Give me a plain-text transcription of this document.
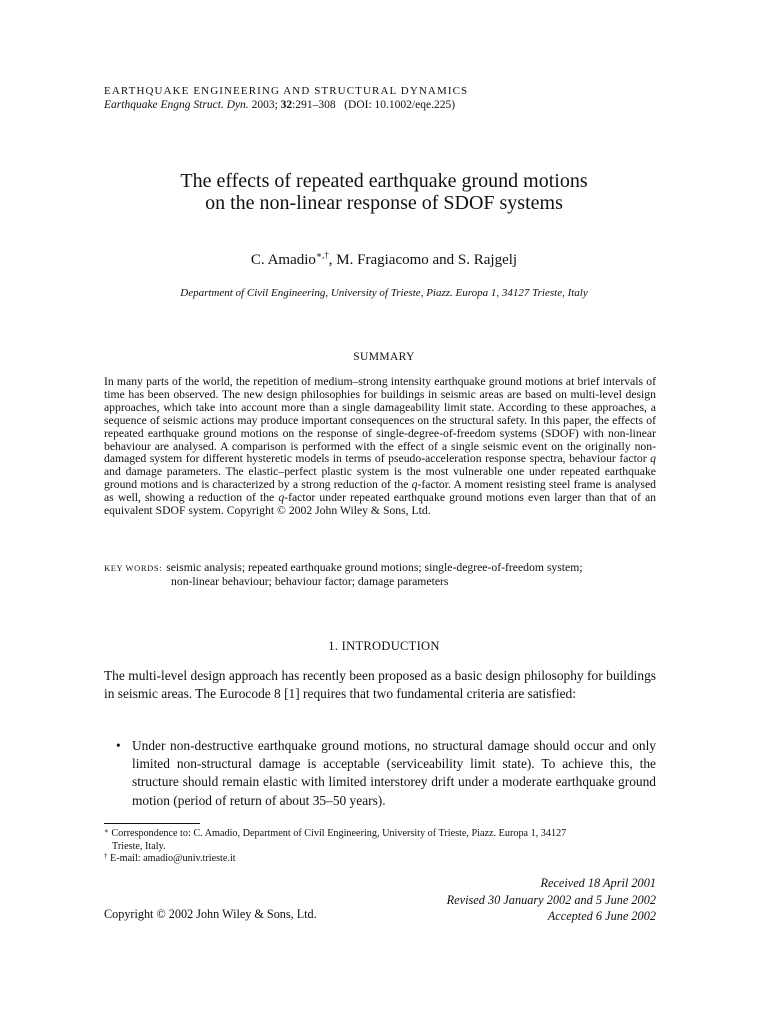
EARTHQUAKE ENGINEERING AND STRUCTURAL DYNAMICS
Earthquake Engng Struct. Dyn. 2003; 32:291–308 (DOI: 10.1002/eqe.225)
The effects of repeated earthquake ground motions
on the non-linear response of SDOF systems
C. Amadio∗,†, M. Fragiacomo and S. Rajgelj
Department of Civil Engineering, University of Trieste, Piazz. Europa 1, 34127 Trieste, Italy
SUMMARY
In many parts of the world, the repetition of medium–strong intensity earthquake ground motions at brief intervals of time has been observed. The new design philosophies for buildings in seismic areas are based on multi-level design approaches, which take into account more than a single damageability limit state. According to these approaches, a sequence of seismic actions may produce important consequences on the structural safety. In this paper, the effects of repeated earthquake ground motions on the response of single-degree-of-freedom systems (SDOF) with non-linear behaviour are analysed. A comparison is performed with the effect of a single seismic event on the originally non-damaged system for different hysteretic models in terms of pseudo-acceleration response spectra, behaviour factor q and damage parameters. The elastic–perfect plastic system is the most vulnerable one under repeated earthquake ground motions and is characterized by a strong reduction of the q-factor. A moment resisting steel frame is analysed as well, showing a reduction of the q-factor under repeated earthquake ground motions even larger than that of an equivalent SDOF system. Copyright © 2002 John Wiley & Sons, Ltd.
KEY WORDS: seismic analysis; repeated earthquake ground motions; single-degree-of-freedom system;
non-linear behaviour; behaviour factor; damage parameters
1. INTRODUCTION
The multi-level design approach has recently been proposed as a basic design philosophy for buildings in seismic areas. The Eurocode 8 [1] requires that two fundamental criteria are satisfied:
• Under non-destructive earthquake ground motions, no structural damage should occur and only limited non-structural damage is acceptable (serviceability limit state). To achieve this, the structure should remain elastic with limited interstorey drift under a moderate earthquake ground motion (period of return of about 35–50 years).
∗ Correspondence to: C. Amadio, Department of Civil Engineering, University of Trieste, Piazz. Europa 1, 34127
Trieste, Italy.
† E-mail: amadio@univ.trieste.it
Received 18 April 2001
Revised 30 January 2002 and 5 June 2002
Accepted 6 June 2002
Copyright © 2002 John Wiley & Sons, Ltd.
